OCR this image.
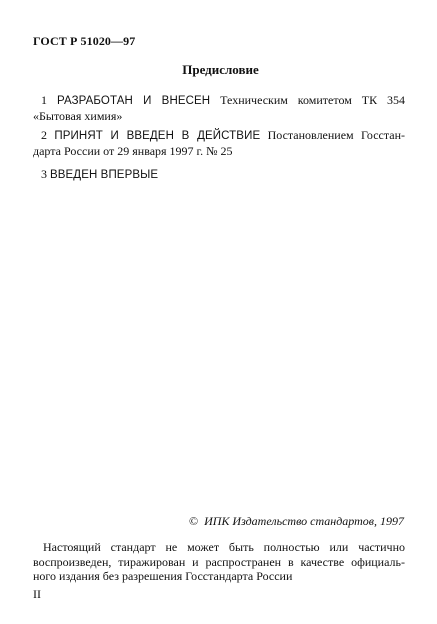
ГОСТ Р 51020—97
Предисловие
1 РАЗРАБОТАН И ВНЕСЕН Техническим комитетом ТК 354
«Бытовая химия»
2 ПРИНЯТ И ВВЕДЕН В ДЕЙСТВИЕ Постановлением Госстан-
дарта России от 29 января 1997 г. № 25
3 ВВЕДЕН ВПЕРВЫЕ
© ИПК Издательство стандартов, 1997
Настоящий стандарт не может быть полностью или частично
воспроизведен, тиражирован и распространен в качестве официаль-
ного издания без разрешения Госстандарта России
II
